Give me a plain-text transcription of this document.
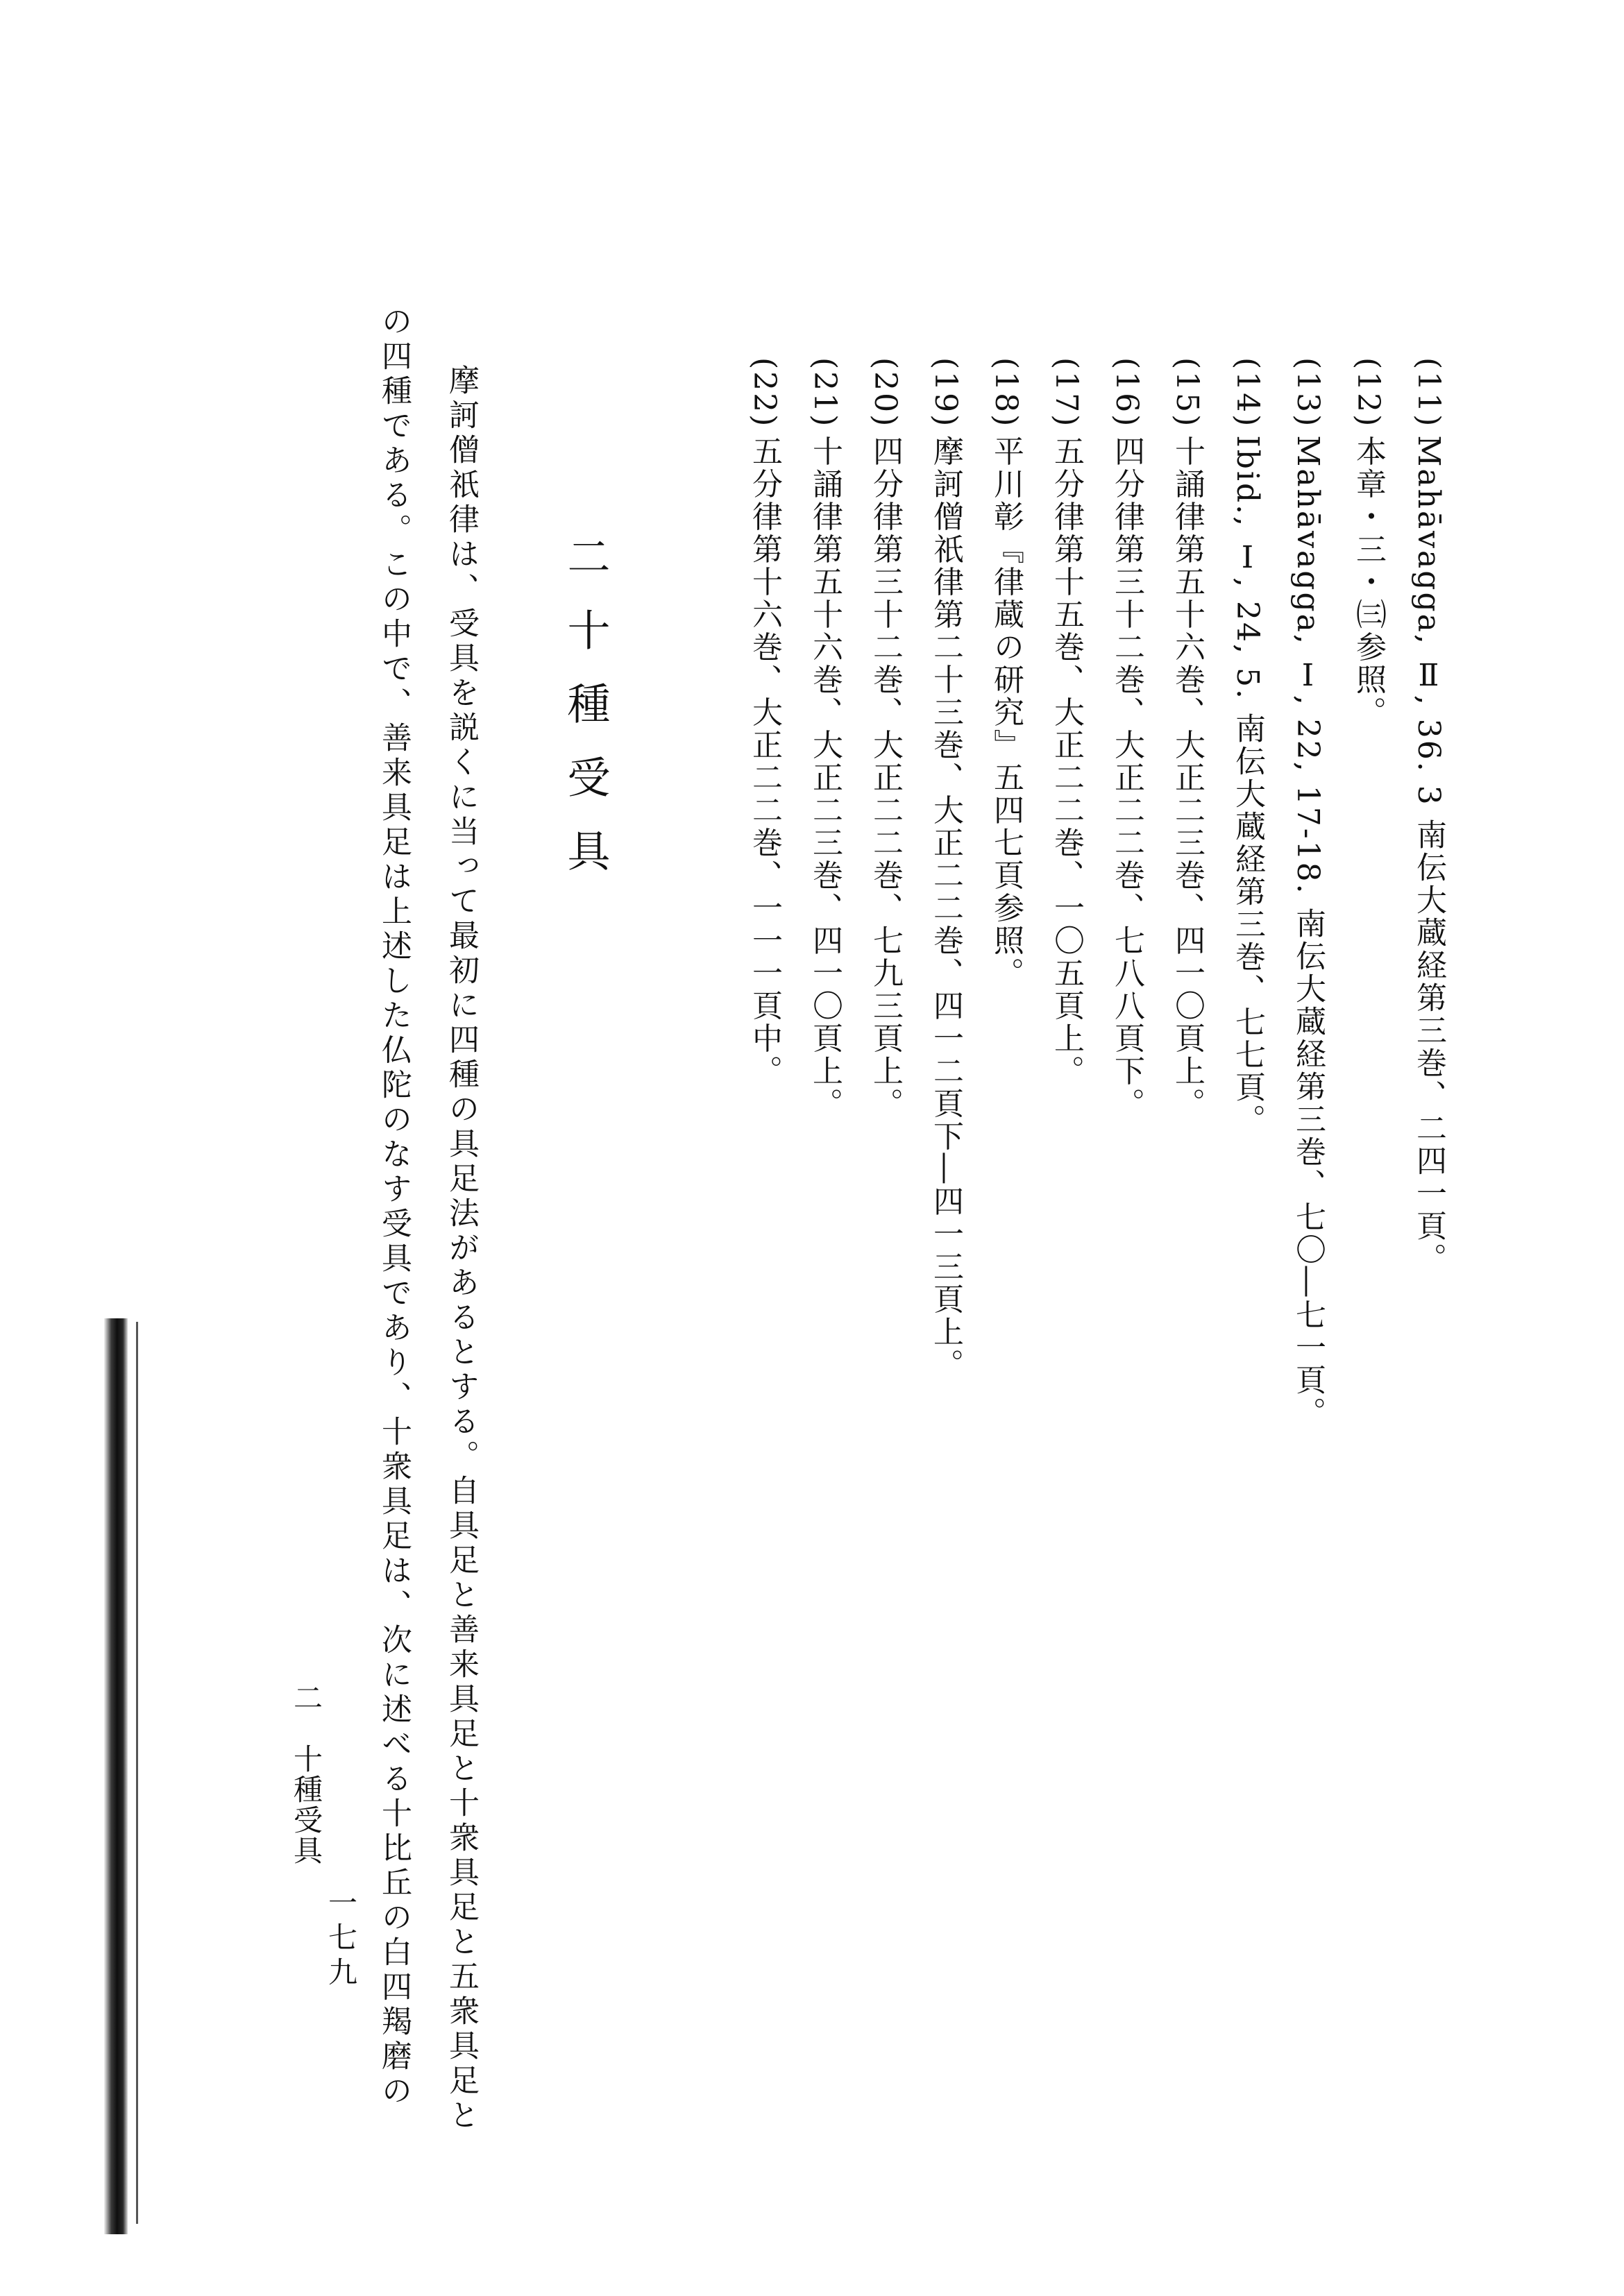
(11)Mahāvagga, Ⅱ, 36. 3 南伝大蔵経第三巻、二四一頁。
(12)本章・三・㈢参照。
(13)Mahāvagga, Ⅰ, 22, 17-18. 南伝大蔵経第三巻、七〇―七一頁。
(14)Ibid., Ⅰ, 24, 5. 南伝大蔵経第三巻、七七頁。
(15)十誦律第五十六巻、大正二三巻、四一〇頁上。
(16)四分律第三十二巻、大正二二巻、七八八頁下。
(17)五分律第十五巻、大正二二巻、一〇五頁上。
(18)平川彰『律蔵の研究』五四七頁参照。
(19)摩訶僧祇律第二十三巻、大正二二巻、四一二頁下―四一三頁上。
(20)四分律第三十二巻、大正二二巻、七九三頁上。
(21)十誦律第五十六巻、大正二三巻、四一〇頁上。
(22)五分律第十六巻、大正二二巻、一一一頁中。
二十種受具
摩訶僧祇律は、受具を説くに当って最初に四種の具足法があるとする。自具足と善来具足と十衆具足と五衆具足と
の四種である。この中で、善来具足は上述した仏陀のなす受具であり、十衆具足は、次に述べる十比丘の白四羯磨の
二　十種受具
一七九
